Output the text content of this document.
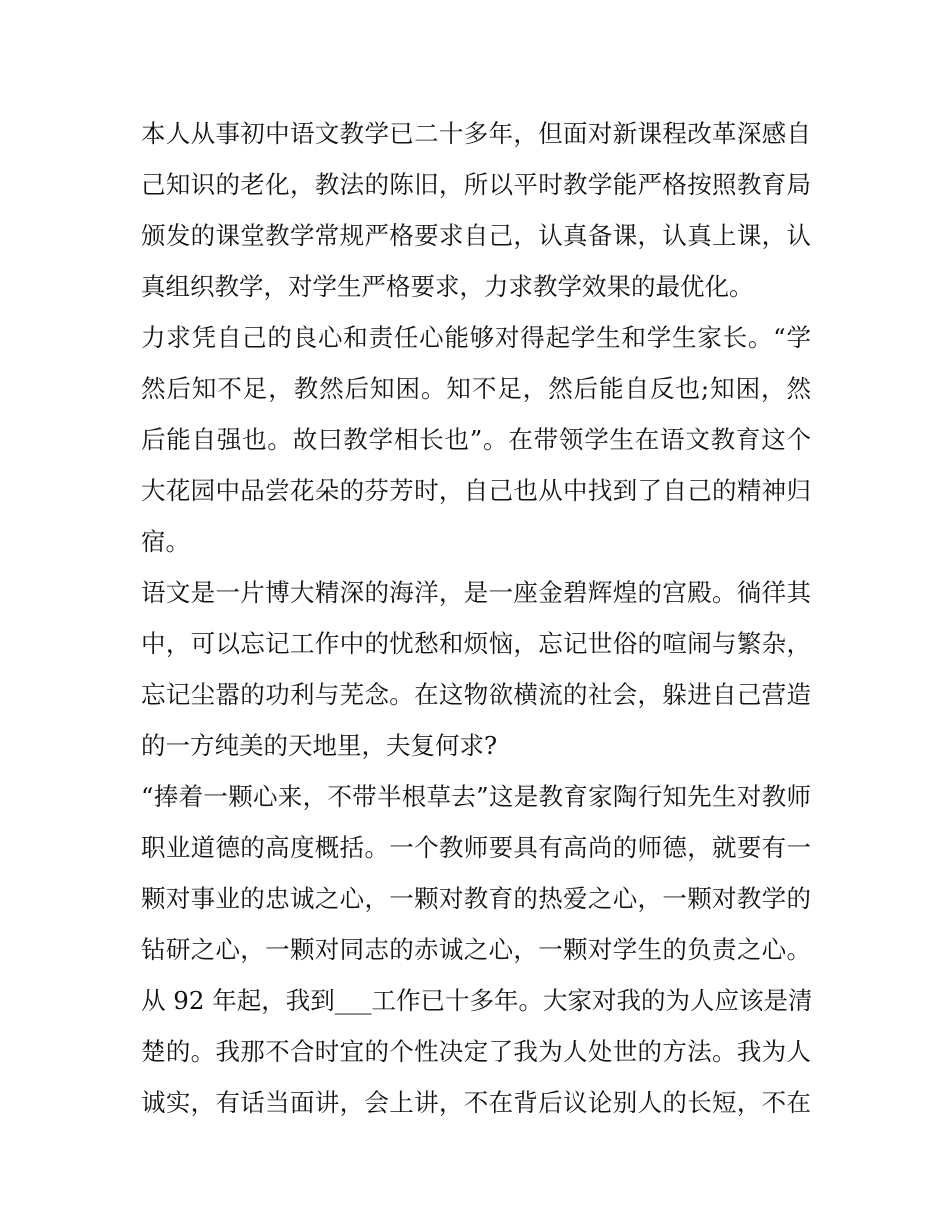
本人从事初中语文教学已二十多年，但面对新课程改革深感自

己知识的老化，教法的陈旧，所以平时教学能严格按照教育局

颁发的课堂教学常规严格要求自己，认真备课，认真上课，认

真组织教学，对学生严格要求，力求教学效果的最优化。

力求凭自己的良心和责任心能够对得起学生和学生家长。“学

然后知不足，教然后知困。知不足，然后能自反也;知困，然

后能自强也。故曰教学相长也”。在带领学生在语文教育这个

大花园中品尝花朵的芬芳时，自己也从中找到了自己的精神归

宿。

语文是一片博大精深的海洋，是一座金碧辉煌的宫殿。徜徉其

中，可以忘记工作中的忧愁和烦恼，忘记世俗的喧闹与繁杂，

忘记尘嚣的功利与芜念。在这物欲横流的社会，躲进自己营造

的一方纯美的天地里，夫复何求?

“捧着一颗心来，不带半根草去”这是教育家陶行知先生对教师

职业道德的高度概括。一个教师要具有高尚的师德，就要有一

颗对事业的忠诚之心，一颗对教育的热爱之心，一颗对教学的

钻研之心，一颗对同志的赤诚之心，一颗对学生的负责之心。

从 92 年起，我到___工作已十多年。大家对我的为人应该是清

楚的。我那不合时宜的个性决定了我为人处世的方法。我为人

诚实，有话当面讲，会上讲，不在背后议论别人的长短，不在
